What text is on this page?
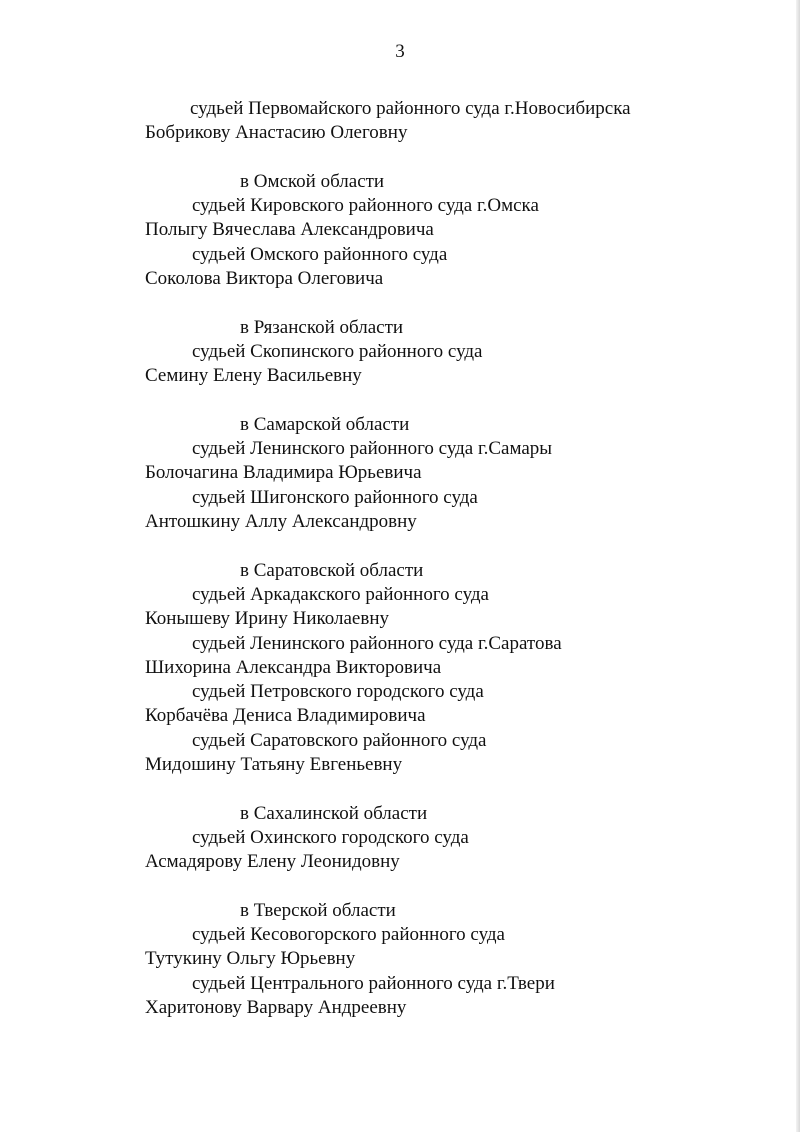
3
судьей Первомайского районного суда г.Новосибирска
Бобрикову Анастасию Олеговну
в Омской области
судьей Кировского районного суда г.Омска
Полыгу Вячеслава Александровича
судьей Омского районного суда
Соколова Виктора Олеговича
в Рязанской области
судьей Скопинского районного суда
Семину Елену Васильевну
в Самарской области
судьей Ленинского районного суда г.Самары
Болочагина Владимира Юрьевича
судьей Шигонского районного суда
Антошкину Аллу Александровну
в Саратовской области
судьей Аркадакского районного суда
Конышеву Ирину Николаевну
судьей Ленинского районного суда г.Саратова
Шихорина Александра Викторовича
судьей Петровского городского суда
Корбачёва Дениса Владимировича
судьей Саратовского районного суда
Мидошину Татьяну Евгеньевну
в Сахалинской области
судьей Охинского городского суда
Асмадярову Елену Леонидовну
в Тверской области
судьей Кесовогорского районного суда
Тутукину Ольгу Юрьевну
судьей Центрального районного суда г.Твери
Харитонову Варвару Андреевну
